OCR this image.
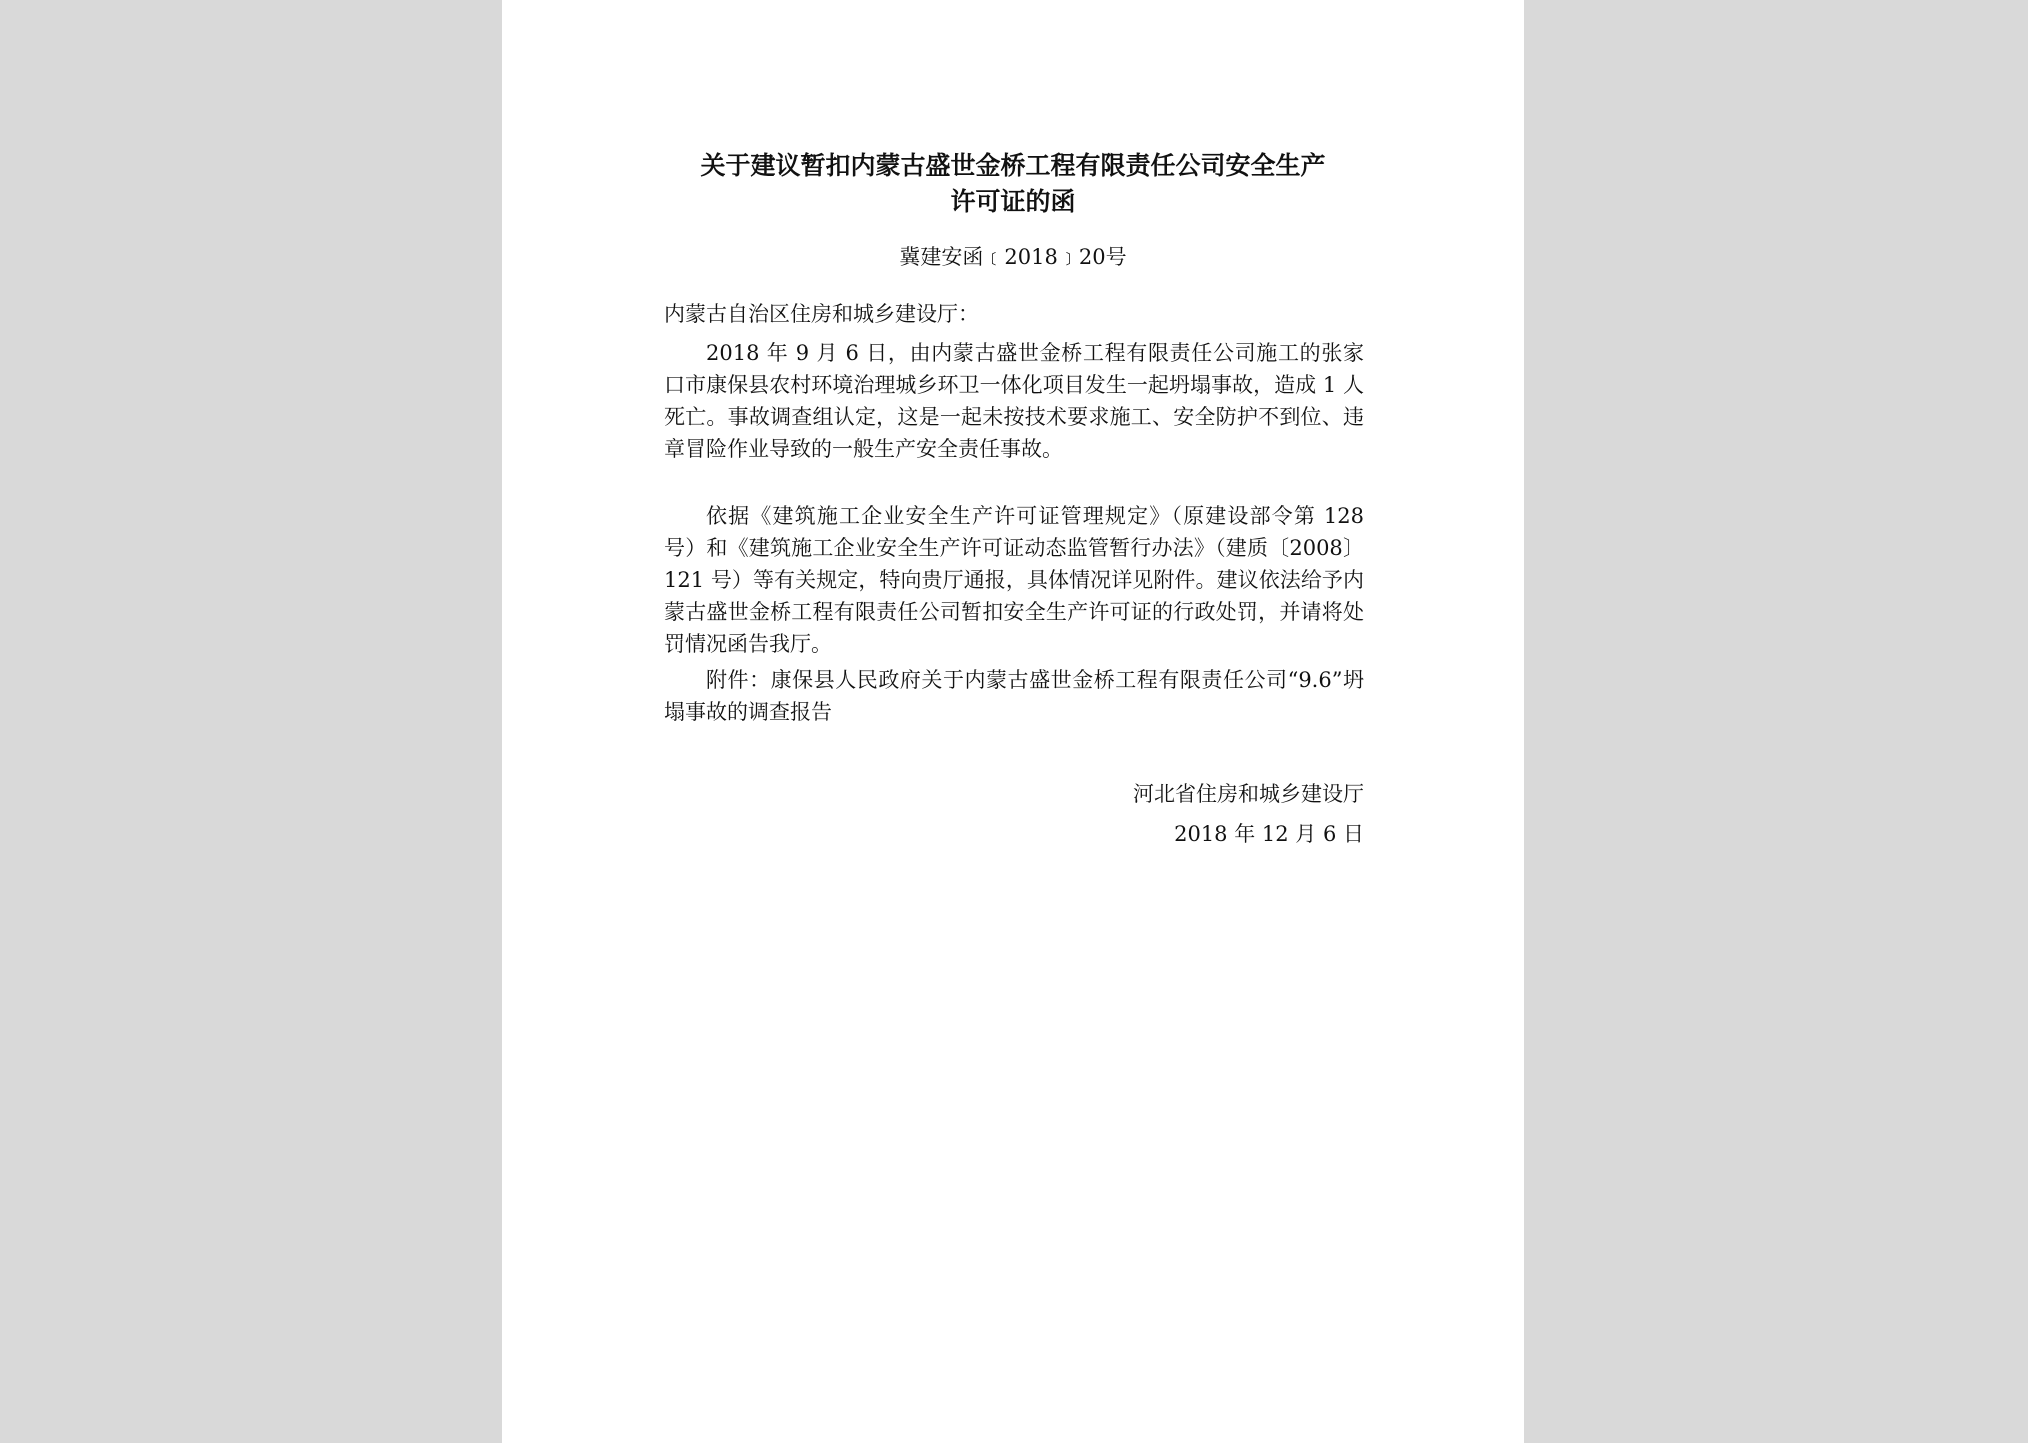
关于建议暂扣内蒙古盛世金桥工程有限责任公司安全生产
许可证的函
冀建安函﹝2018﹞20号
内蒙古自治区住房和城乡建设厅：

2018 年 9 月 6 日，由内蒙古盛世金桥工程有限责任公司施工的张家口市康保县农村环境治理城乡环卫一体化项目发生一起坍塌事故，造成 1 人死亡。事故调查组认定，这是一起未按技术要求施工、安全防护不到位、违章冒险作业导致的一般生产安全责任事故。

依据《建筑施工企业安全生产许可证管理规定》（原建设部令第 128 号）和《建筑施工企业安全生产许可证动态监管暂行办法》（建质〔2008〕121 号）等有关规定，特向贵厅通报，具体情况详见附件。建议依法给予内蒙古盛世金桥工程有限责任公司暂扣安全生产许可证的行政处罚，并请将处罚情况函告我厅。

附件：康保县人民政府关于内蒙古盛世金桥工程有限责任公司“9.6”坍塌事故的调查报告

河北省住房和城乡建设厅
2018 年 12 月 6 日
